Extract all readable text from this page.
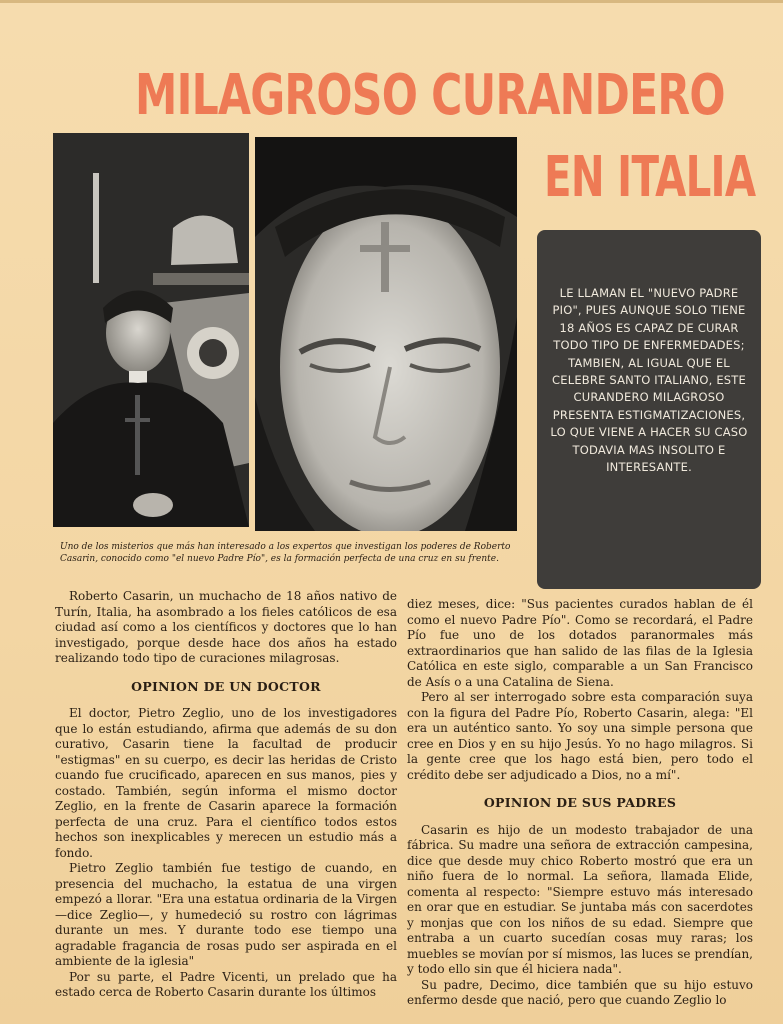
MILAGROSO CURANDERO
EN ITALIA

Uno de los misterios que más han interesado a los expertos que investigan los poderes de Roberto Casarin, conocido como "el nuevo Padre Pío", es la formación perfecta de una cruz en su frente.

LE LLAMAN EL "NUEVO PADRE PIO", PUES AUNQUE SOLO TIENE 18 AÑOS ES CAPAZ DE CURAR TODO TIPO DE ENFERMEDADES; TAMBIEN, AL IGUAL QUE EL CELEBRE SANTO ITALIANO, ESTE CURANDERO MILAGROSO PRESENTA ESTIGMATIZACIONES, LO QUE VIENE A HACER SU CASO TODAVIA MAS INSOLITO E INTERESANTE.

Roberto Casarin, un muchacho de 18 años nativo de Turín, Italia, ha asombrado a los fieles católicos de esa ciudad así como a los científicos y doctores que lo han investigado, porque desde hace dos años ha estado realizando todo tipo de curaciones milagrosas.

OPINION DE UN DOCTOR

El doctor, Pietro Zeglio, uno de los investigadores que lo están estudiando, afirma que además de su don curativo, Casarin tiene la facultad de producir "estigmas" en su cuerpo, es decir las heridas de Cristo cuando fue crucificado, aparecen en sus manos, pies y costado. También, según informa el mismo doctor Zeglio, en la frente de Casarin aparece la formación perfecta de una cruz. Para el científico todos estos hechos son inexplicables y merecen un estudio más a fondo.

Pietro Zeglio también fue testigo de cuando, en presencia del muchacho, la estatua de una virgen empezó a llorar. "Era una estatua ordinaria de la Virgen —dice Zeglio—, y humedeció su rostro con lágrimas durante un mes. Y durante todo ese tiempo una agradable fragancia de rosas pudo ser aspirada en el ambiente de la iglesia"

Por su parte, el Padre Vicenti, un prelado que ha estado cerca de Roberto Casarin durante los últimos

diez meses, dice: "Sus pacientes curados hablan de él como el nuevo Padre Pío". Como se recordará, el Padre Pío fue uno de los dotados paranormales más extraordinarios que han salido de las filas de la Iglesia Católica en este siglo, comparable a un San Francisco de Asís o a una Catalina de Siena.

Pero al ser interrogado sobre esta comparación suya con la figura del Padre Pío, Roberto Casarin, alega: "El era un auténtico santo. Yo soy una simple persona que cree en Dios y en su hijo Jesús. Yo no hago milagros. Si la gente cree que los hago está bien, pero todo el crédito debe ser adjudicado a Dios, no a mí".

OPINION DE SUS PADRES

Casarin es hijo de un modesto trabajador de una fábrica. Su madre una señora de extracción campesina, dice que desde muy chico Roberto mostró que era un niño fuera de lo normal. La señora, llamada Elide, comenta al respecto: "Siempre estuvo más interesado en orar que en estudiar. Se juntaba más con sacerdotes y monjas que con los niños de su edad. Siempre que entraba a un cuarto sucedían cosas muy raras; los muebles se movían por sí mismos, las luces se prendían, y todo ello sin que él hiciera nada".

Su padre, Decimo, dice también que su hijo estuvo enfermo desde que nació, pero que cuando Zeglio lo
